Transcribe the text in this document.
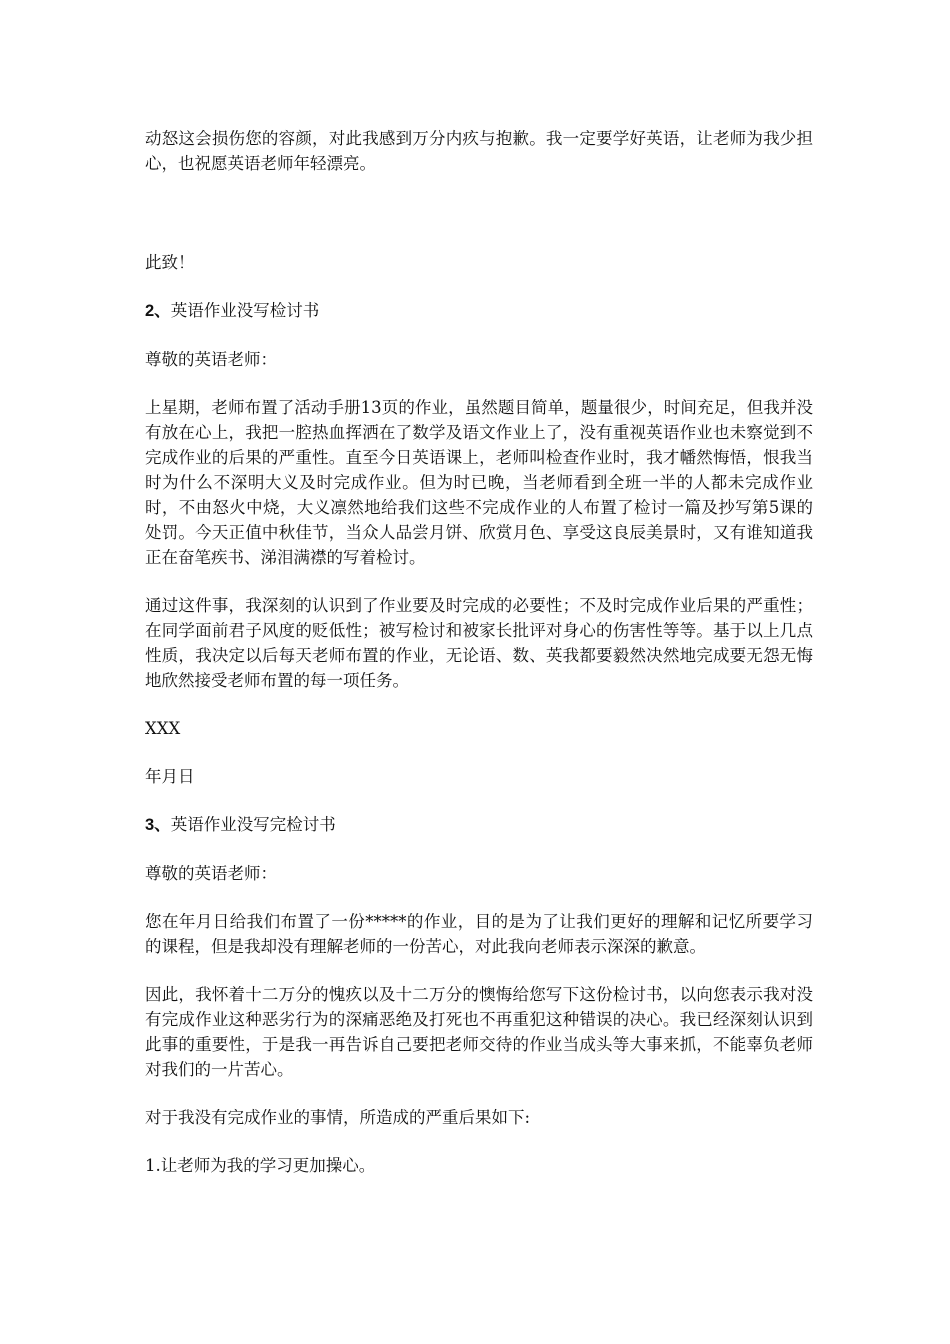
动怒这会损伤您的容颜，对此我感到万分内疚与抱歉。我一定要学好英语，让老师为我少担心，也祝愿英语老师年轻漂亮。

此致！

2、英语作业没写检讨书

尊敬的英语老师：

上星期，老师布置了活动手册13页的作业，虽然题目简单，题量很少，时间充足，但我并没有放在心上，我把一腔热血挥洒在了数学及语文作业上了，没有重视英语作业也未察觉到不完成作业的后果的严重性。直至今日英语课上，老师叫检查作业时，我才幡然悔悟，恨我当时为什么不深明大义及时完成作业。但为时已晚，当老师看到全班一半的人都未完成作业时，不由怒火中烧，大义凛然地给我们这些不完成作业的人布置了检讨一篇及抄写第5课的处罚。今天正值中秋佳节，当众人品尝月饼、欣赏月色、享受这良辰美景时，又有谁知道我正在奋笔疾书、涕泪满襟的写着检讨。

通过这件事，我深刻的认识到了作业要及时完成的必要性；不及时完成作业后果的严重性；在同学面前君子风度的贬低性；被写检讨和被家长批评对身心的伤害性等等。基于以上几点性质，我决定以后每天老师布置的作业，无论语、数、英我都要毅然决然地完成要无怨无悔地欣然接受老师布置的每一项任务。

XXX

年月日

3、英语作业没写完检讨书

尊敬的英语老师：

您在年月日给我们布置了一份*****的作业，目的是为了让我们更好的理解和记忆所要学习的课程，但是我却没有理解老师的一份苦心，对此我向老师表示深深的歉意。

因此，我怀着十二万分的愧疚以及十二万分的懊悔给您写下这份检讨书，以向您表示我对没有完成作业这种恶劣行为的深痛恶绝及打死也不再重犯这种错误的决心。我已经深刻认识到此事的重要性，于是我一再告诉自己要把老师交待的作业当成头等大事来抓，不能辜负老师对我们的一片苦心。

对于我没有完成作业的事情，所造成的严重后果如下:

1.让老师为我的学习更加操心。
